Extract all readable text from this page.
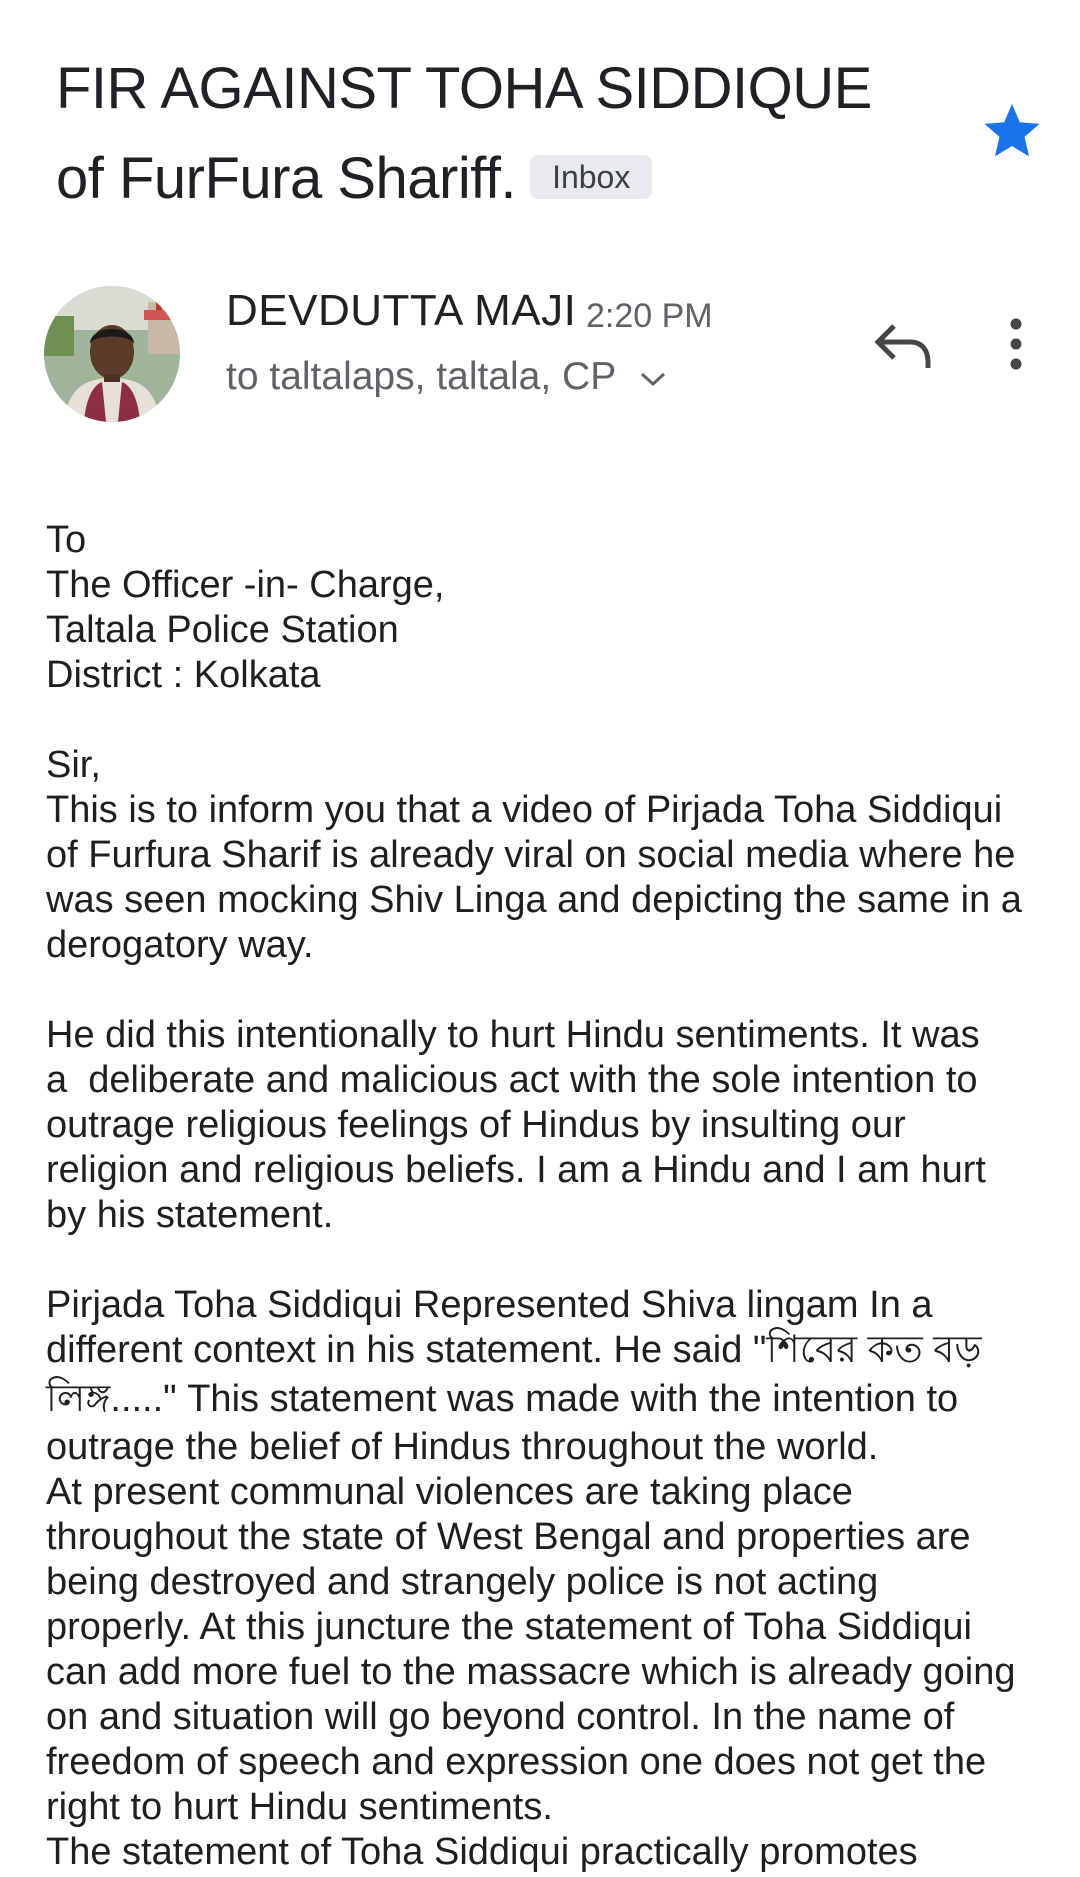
FIR AGAINST TOHA SIDDIQUE
of FurFura Shariff. Inbox
DEVDUTTA MAJI 2:20 PM
to taltalaps, taltala, CP
To
The Officer -in- Charge,
Taltala Police Station
District : Kolkata
Sir,
This is to inform you that a video of Pirjada Toha Siddiqui
of Furfura Sharif is already viral on social media where he
was seen mocking Shiv Linga and depicting the same in a
derogatory way.
He did this intentionally to hurt Hindu sentiments. It was
a  deliberate and malicious act with the sole intention to
outrage religious feelings of Hindus by insulting our
religion and religious beliefs. I am a Hindu and I am hurt
by his statement.
Pirjada Toha Siddiqui Represented Shiva lingam In a
different context in his statement. He said "শিবের কত বড়
লিঙ্গ....." This statement was made with the intention to
outrage the belief of Hindus throughout the world.
At present communal violences are taking place
throughout the state of West Bengal and properties are
being destroyed and strangely police is not acting
properly. At this juncture the statement of Toha Siddiqui
can add more fuel to the massacre which is already going
on and situation will go beyond control. In the name of
freedom of speech and expression one does not get the
right to hurt Hindu sentiments.
The statement of Toha Siddiqui practically promotes
